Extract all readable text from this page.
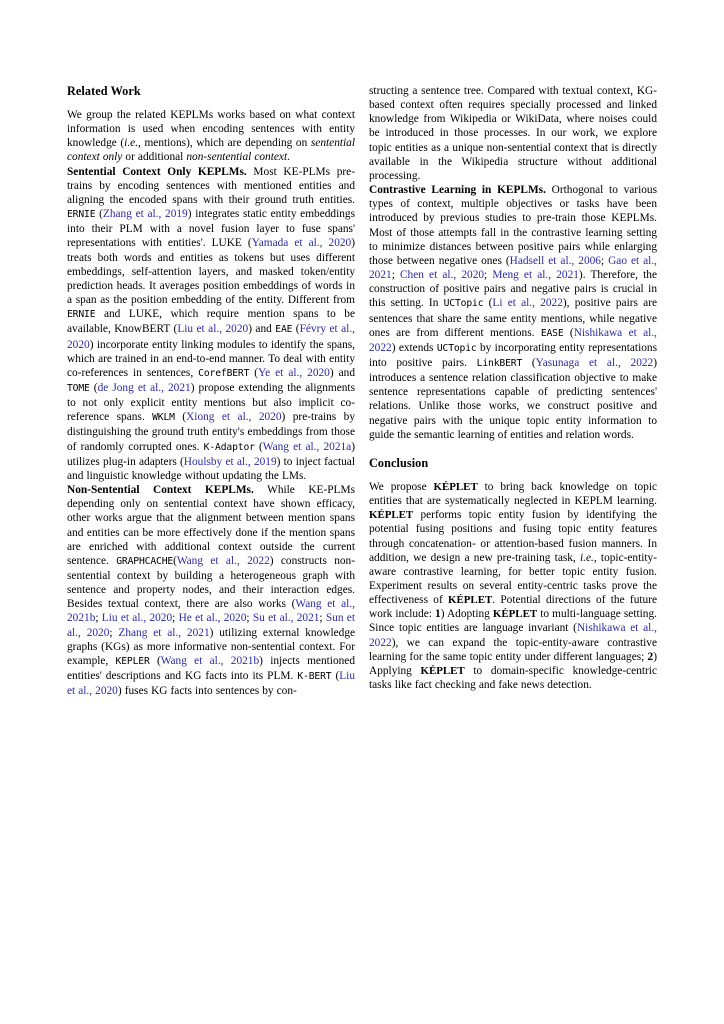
Related Work

We group the related KEPLMs works based on what context information is used when encoding sentences with entity knowledge (i.e., mentions), which are depending on sentential context only or additional non-sentential context.

Sentential Context Only KEPLMs. Most KE-PLMs pre-trains by encoding sentences with mentioned entities and aligning the encoded spans with their ground truth entities. ERNIE (Zhang et al., 2019) integrates static entity embeddings into their PLM with a novel fusion layer to fuse spans' representations with entities'. LUKE (Yamada et al., 2020) treats both words and entities as tokens but uses different embeddings, self-attention layers, and masked token/entity prediction heads. It averages position embeddings of words in a span as the position embedding of the entity. Different from ERNIE and LUKE, which require mention spans to be available, KnowBERT (Liu et al., 2020) and EAE (Févry et al., 2020) incorporate entity linking modules to identify the spans, which are trained in an end-to-end manner. To deal with entity co-references in sentences, CorefBERT (Ye et al., 2020) and TOME (de Jong et al., 2021) propose extending the alignments to not only explicit entity mentions but also implicit co-reference spans. WKLM (Xiong et al., 2020) pre-trains by distinguishing the ground truth entity's embeddings from those of randomly corrupted ones. K-Adaptor (Wang et al., 2021a) utilizes plug-in adapters (Houlsby et al., 2019) to inject factual and linguistic knowledge without updating the LMs.

Non-Sentential Context KEPLMs. While KE-PLMs depending only on sentential context have shown efficacy, other works argue that the alignment between mention spans and entities can be more effectively done if the mention spans are enriched with additional context outside the current sentence. GRAPHCACHE(Wang et al., 2022) constructs non-sentential context by building a heterogeneous graph with sentence and property nodes, and their interaction edges. Besides textual context, there are also works (Wang et al., 2021b; Liu et al., 2020; He et al., 2020; Su et al., 2021; Sun et al., 2020; Zhang et al., 2021) utilizing external knowledge graphs (KGs) as more informative non-sentential context. For example, KEPLER (Wang et al., 2021b) injects mentioned entities' descriptions and KG facts into its PLM. K-BERT (Liu et al., 2020) fuses KG facts into sentences by con-

structing a sentence tree. Compared with textual context, KG-based context often requires specially processed and linked knowledge from Wikipedia or WikiData, where noises could be introduced in those processes. In our work, we explore topic entities as a unique non-sentential context that is directly available in the Wikipedia structure without additional processing.

Contrastive Learning in KEPLMs. Orthogonal to various types of context, multiple objectives or tasks have been introduced by previous studies to pre-train those KEPLMs. Most of those attempts fall in the contrastive learning setting to minimize distances between positive pairs while enlarging those between negative ones (Hadsell et al., 2006; Gao et al., 2021; Chen et al., 2020; Meng et al., 2021). Therefore, the construction of positive pairs and negative pairs is crucial in this setting. In UCTopic (Li et al., 2022), positive pairs are sentences that share the same entity mentions, while negative ones are from different mentions. EASE (Nishikawa et al., 2022) extends UCTopic by incorporating entity representations into positive pairs. LinkBERT (Yasunaga et al., 2022) introduces a sentence relation classification objective to make sentence representations capable of predicting sentences' relations. Unlike those works, we construct positive and negative pairs with the unique topic entity information to guide the semantic learning of entities and relation words.

Conclusion

We propose KÉPLET to bring back knowledge on topic entities that are systematically neglected in KEPLM learning. KÉPLET performs topic entity fusion by identifying the potential fusing positions and fusing topic entity features through concatenation- or attention-based fusion manners. In addition, we design a new pre-training task, i.e., topic-entity-aware contrastive learning, for better topic entity fusion. Experiment results on several entity-centric tasks prove the effectiveness of KÉPLET. Potential directions of the future work include: 1) Adopting KÉPLET to multi-language setting. Since topic entities are language invariant (Nishikawa et al., 2022), we can expand the topic-entity-aware contrastive learning for the same topic entity under different languages; 2) Applying KÉPLET to domain-specific knowledge-centric tasks like fact checking and fake news detection.
